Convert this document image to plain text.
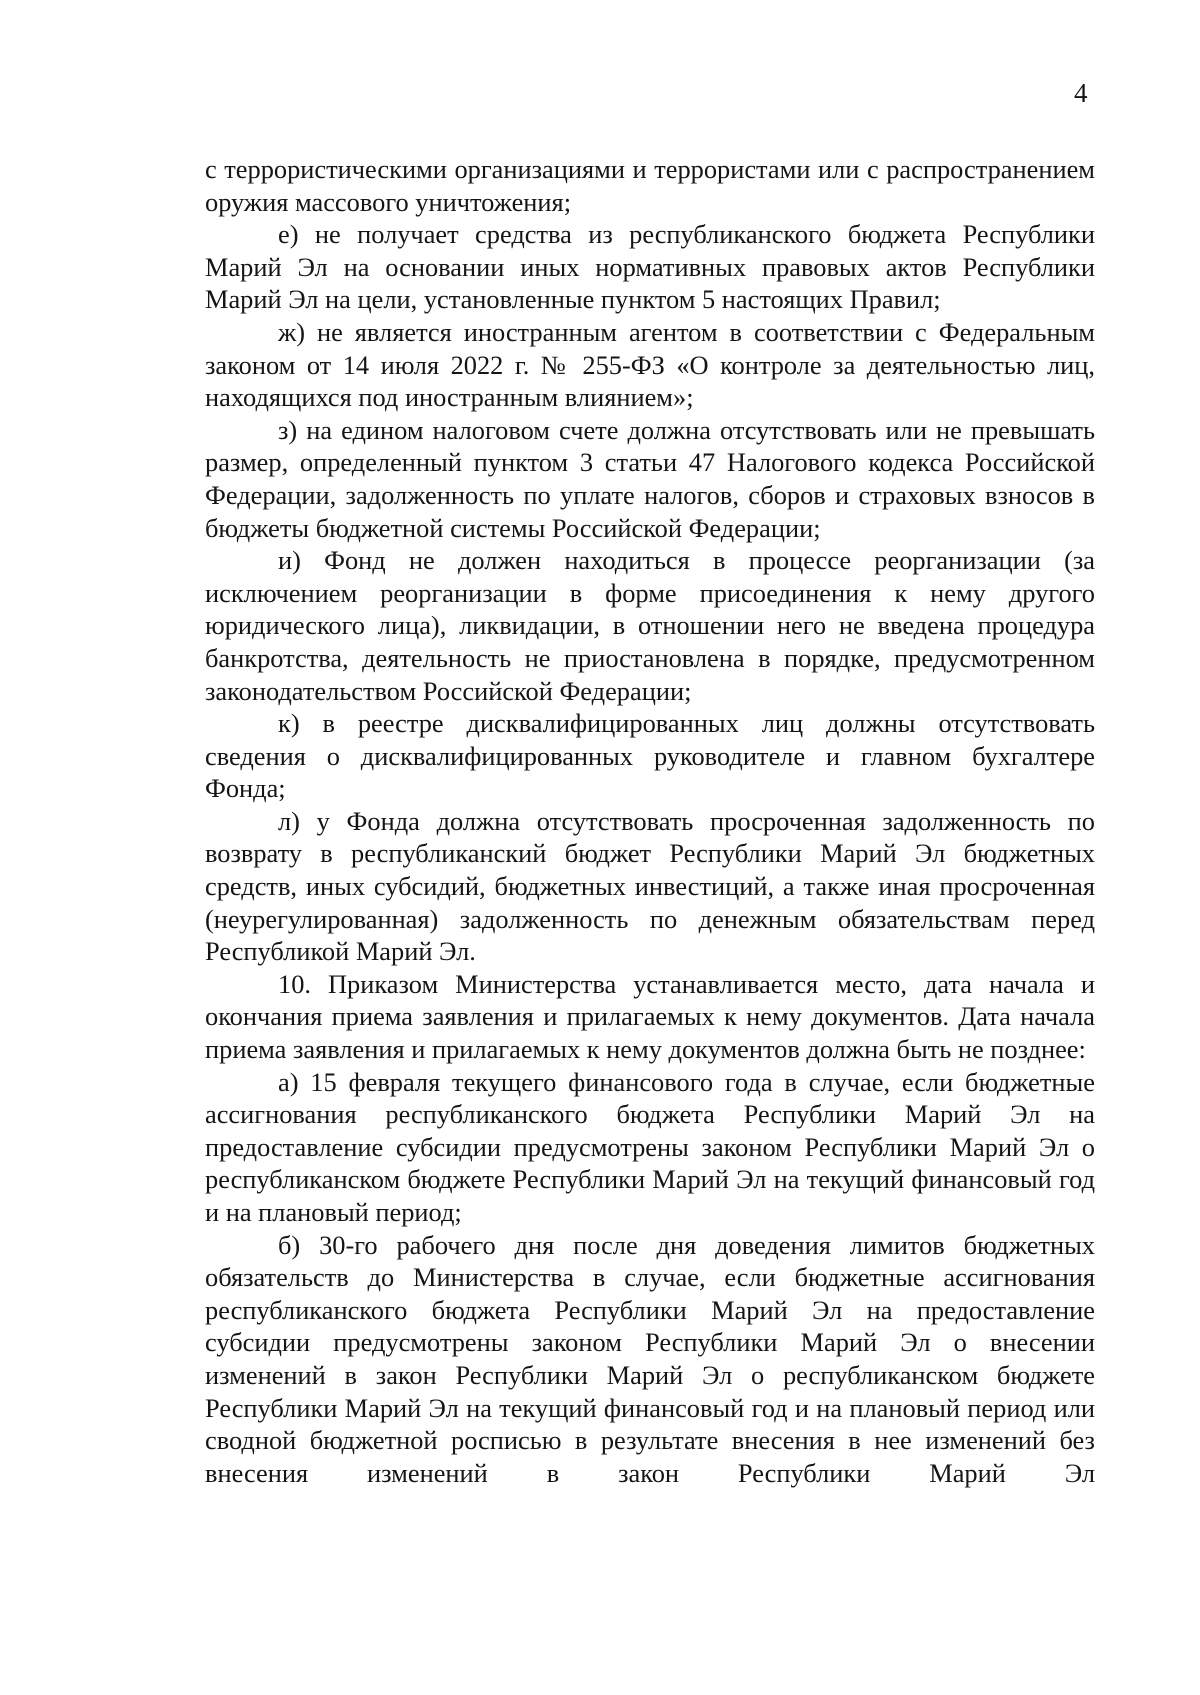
4

с террористическими организациями и террористами или с распространением оружия массового уничтожения;

е) не получает средства из республиканского бюджета Республики Марий Эл на основании иных нормативных правовых актов Республики Марий Эл на цели, установленные пунктом 5 настоящих Правил;

ж) не является иностранным агентом в соответствии с Федеральным законом от 14 июля 2022 г. № 255-ФЗ «О контроле за деятельностью лиц, находящихся под иностранным влиянием»;

з) на едином налоговом счете должна отсутствовать или не превышать размер, определенный пунктом 3 статьи 47 Налогового кодекса Российской Федерации, задолженность по уплате налогов, сборов и страховых взносов в бюджеты бюджетной системы Российской Федерации;

и) Фонд не должен находиться в процессе реорганизации (за исключением реорганизации в форме присоединения к нему другого юридического лица), ликвидации, в отношении него не введена процедура банкротства, деятельность не приостановлена в порядке, предусмотренном законодательством Российской Федерации;

к) в реестре дисквалифицированных лиц должны отсутствовать сведения о дисквалифицированных руководителе и главном бухгалтере Фонда;

л) у Фонда должна отсутствовать просроченная задолженность по возврату в республиканский бюджет Республики Марий Эл бюджетных средств, иных субсидий, бюджетных инвестиций, а также иная просроченная (неурегулированная) задолженность по денежным обязательствам перед Республикой Марий Эл.

10. Приказом Министерства устанавливается место, дата начала и окончания приема заявления и прилагаемых к нему документов. Дата начала приема заявления и прилагаемых к нему документов должна быть не позднее:

а) 15 февраля текущего финансового года в случае, если бюджетные ассигнования республиканского бюджета Республики Марий Эл на предоставление субсидии предусмотрены законом Республики Марий Эл о республиканском бюджете Республики Марий Эл на текущий финансовый год и на плановый период;

б) 30-го рабочего дня после дня доведения лимитов бюджетных обязательств до Министерства в случае, если бюджетные ассигнования республиканского бюджета Республики Марий Эл на предоставление субсидии предусмотрены законом Республики Марий Эл о внесении изменений в закон Республики Марий Эл о республиканском бюджете Республики Марий Эл на текущий финансовый год и на плановый период или сводной бюджетной росписью в результате внесения в нее изменений без внесения изменений в закон Республики Марий Эл
